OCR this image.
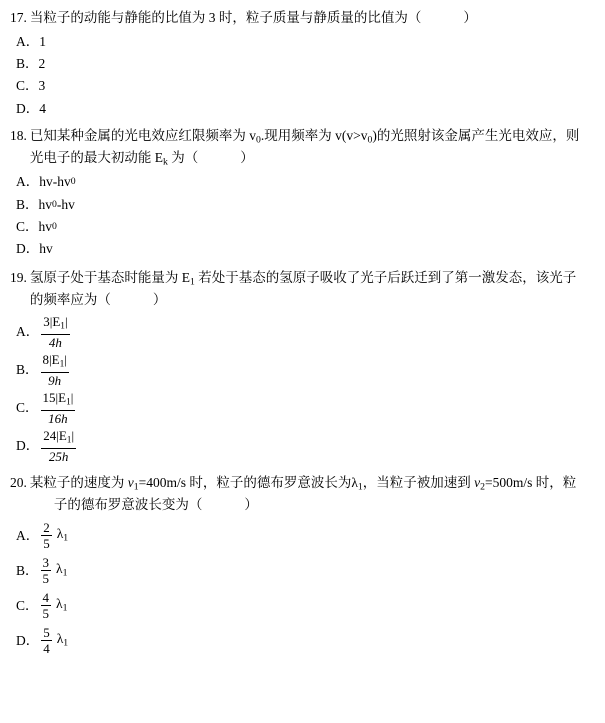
17. 当粒子的动能与静能的比值为 3 时，粒子质量与静质量的比值为（	）
A． 1
B． 2
C． 3
D． 4
18. 已知某种金属的光电效应红限频率为 $v_0$.现用频率为 $v(v>v_0)$的光照射该金属产生光电效应，则
光电子的最大初动能 $E_k$ 为（	）
A． hv-hv 0
B． hv 0 -hv
C． hv 0
D． hv
19. 氢原子处于基态时能量为 $E_1$ 若处于基态的氢原子吸收了光子后跃迁到了第一激发态，该光子
的频率应为（	）
A． $\frac{3|E_1|}{4h}$
B． $\frac{8|E_1|}{9h}$
C． $\frac{15|E_1|}{16h}$
D． $\frac{24|E_1|}{25h}$
20. 某粒子的速度为 $v_1=400m/s$ 时，粒子的德布罗意波长为$\lambda_1$，当粒子被加速到 $v_2=500m/s$ 时，粒
子的德布罗意波长变为（	）
A． $\frac{2}{5} \lambda_1$
B． $\frac{3}{5} \lambda_1$
C． $\frac{4}{5} \lambda_1$
D． $\frac{5}{4} \lambda_1$
